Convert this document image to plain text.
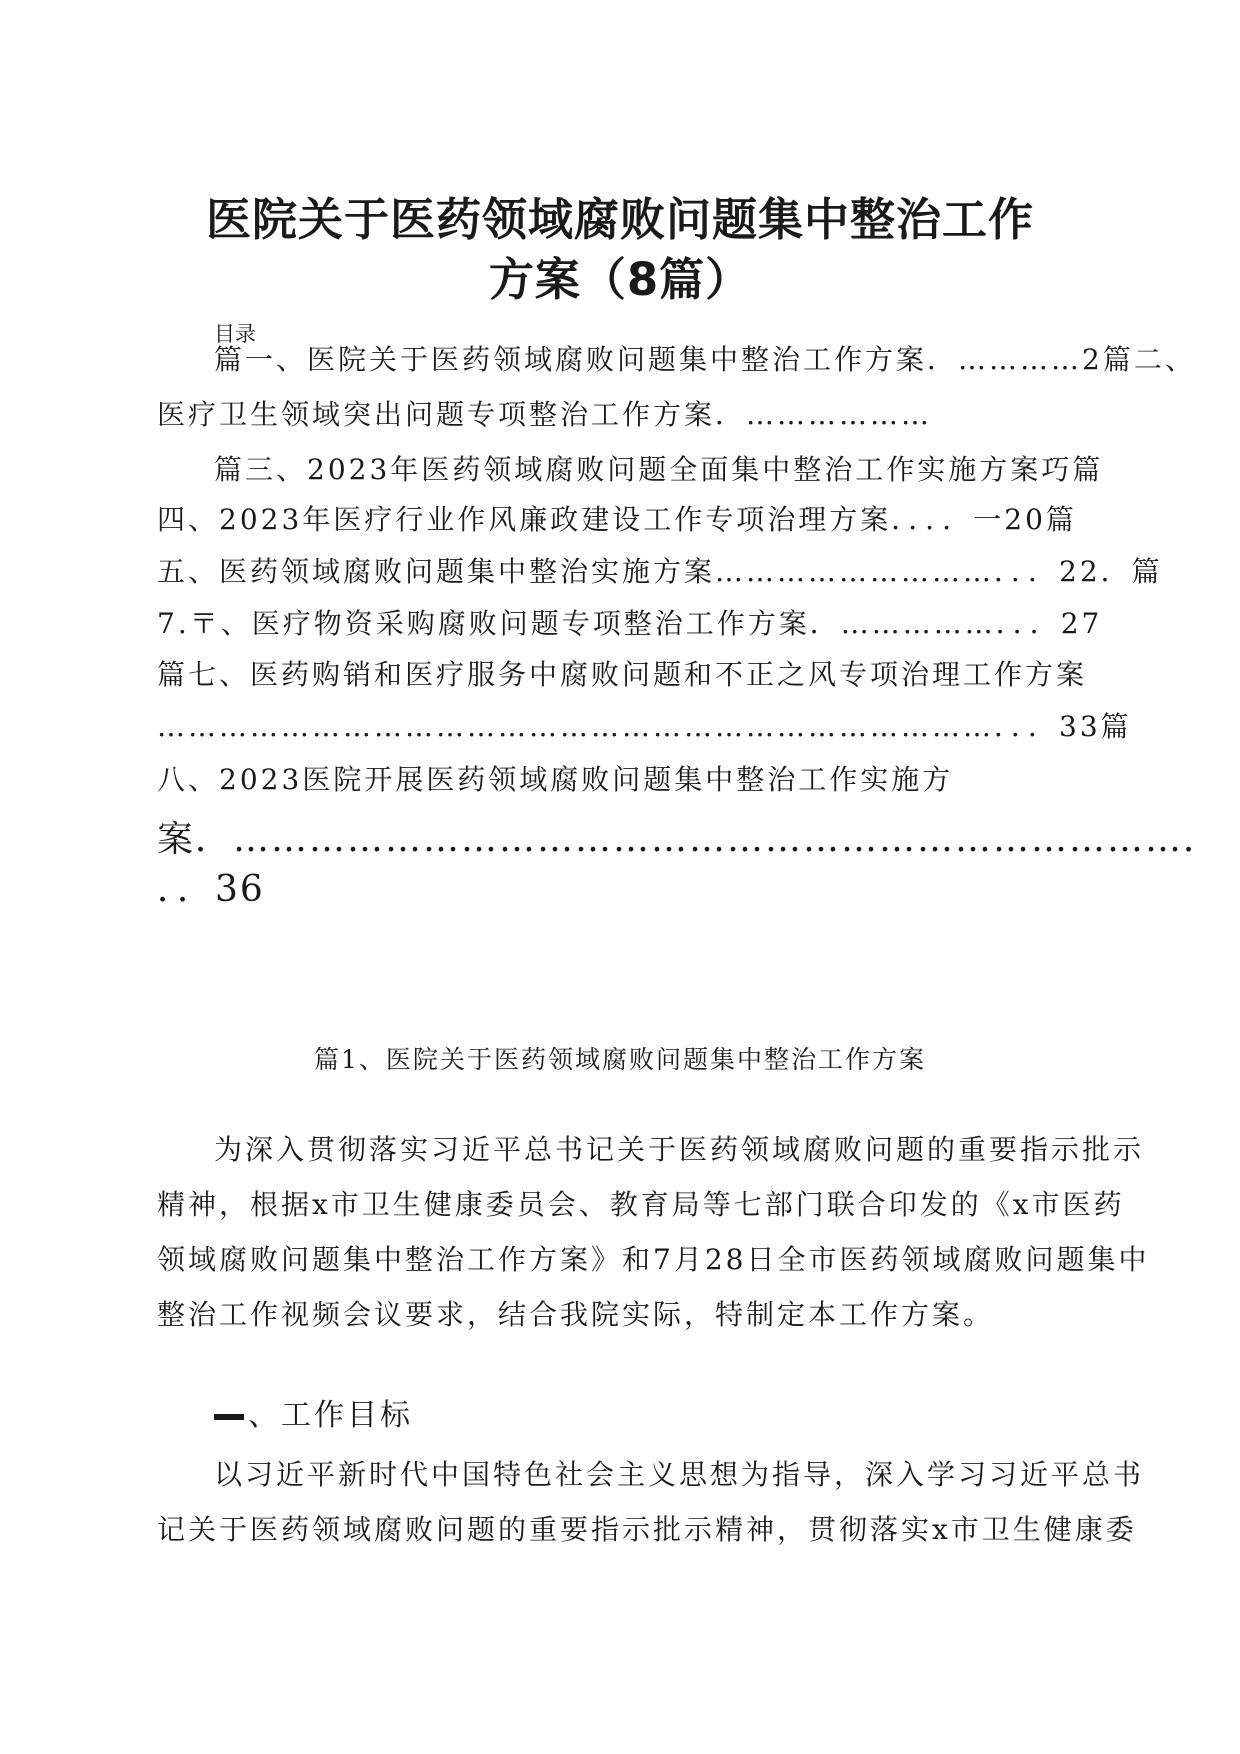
医院关于医药领域腐败问题集中整治工作
方案（8篇）
目录
篇一、医院关于医药领域腐败问题集中整治工作方案．…………2篇二、
医疗卫生领域突出问题专项整治工作方案．………………
篇三、2023年医药领域腐败问题全面集中整治工作实施方案巧篇
四、2023年医疗行业作风廉政建设工作专项治理方案．．．．一20篇
五、医药领域腐败问题集中整治实施方案………………………．．．22．篇
7.〒、医疗物资采购腐败问题专项整治工作方案．……………．．．27
篇七、医药购销和医疗服务中腐败问题和不正之风专项治理工作方案
………………………………………………………………………．．．33篇
八、2023医院开展医药领域腐败问题集中整治工作实施方
案．…………………………………………………………………．
．．36
篇1、医院关于医药领域腐败问题集中整治工作方案
为深入贯彻落实习近平总书记关于医药领域腐败问题的重要指示批示
精神，根据x市卫生健康委员会、教育局等七部门联合印发的《x市医药
领域腐败问题集中整治工作方案》和7月28日全市医药领域腐败问题集中
整治工作视频会议要求，结合我院实际，特制定本工作方案。
、工作目标
以习近平新时代中国特色社会主义思想为指导，深入学习习近平总书
记关于医药领域腐败问题的重要指示批示精神，贯彻落实x市卫生健康委
